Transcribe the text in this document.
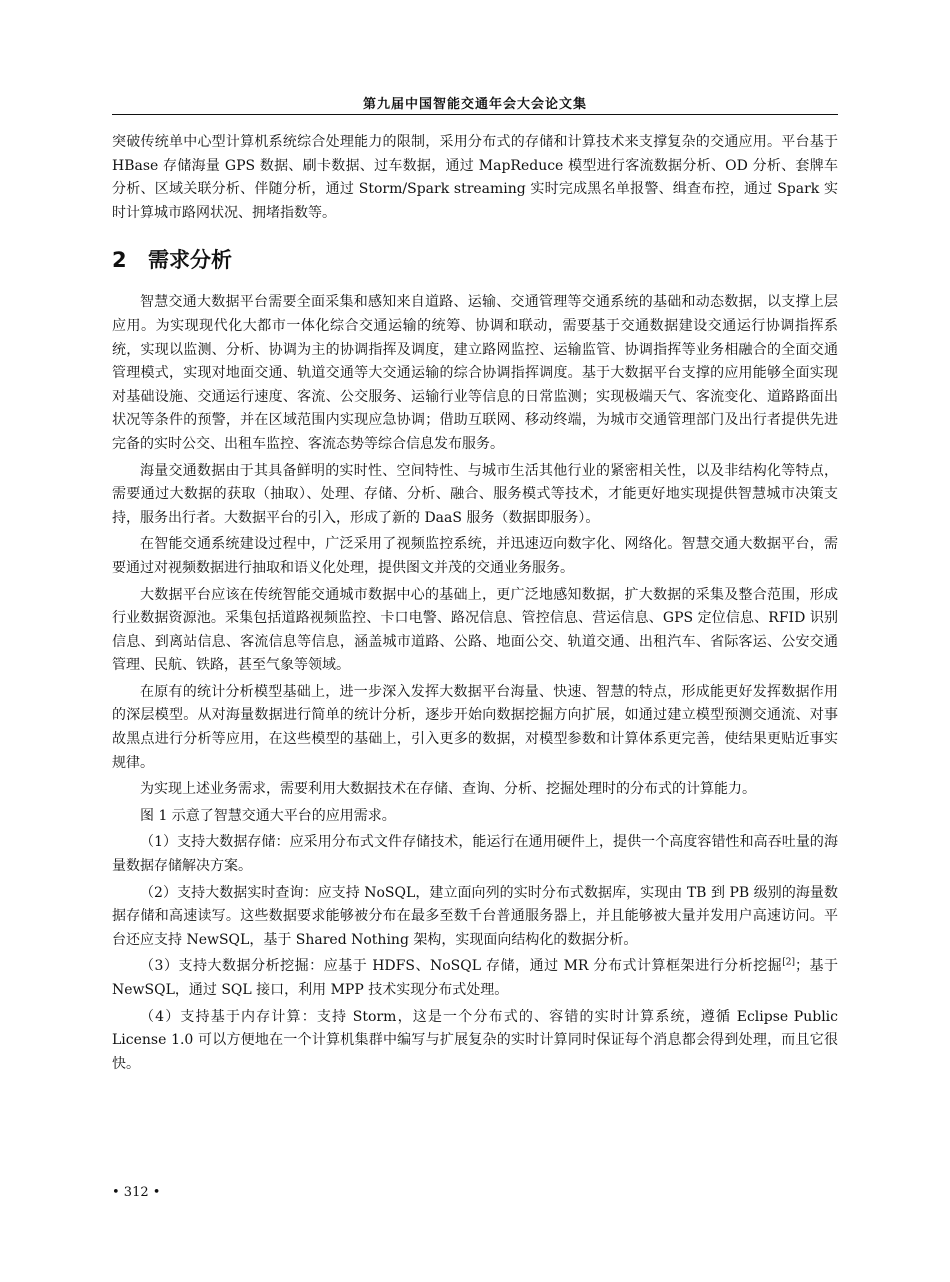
第九届中国智能交通年会大会论文集

突破传统单中心型计算机系统综合处理能力的限制，采用分布式的存储和计算技术来支撑复杂的交通应用。平台基于 HBase 存储海量 GPS 数据、刷卡数据、过车数据，通过 MapReduce 模型进行客流数据分析、OD 分析、套牌车分析、区域关联分析、伴随分析，通过 Storm/Spark streaming 实时完成黑名单报警、缉查布控，通过 Spark 实时计算城市路网状况、拥堵指数等。

2 需求分析

智慧交通大数据平台需要全面采集和感知来自道路、运输、交通管理等交通系统的基础和动态数据，以支撑上层应用。为实现现代化大都市一体化综合交通运输的统筹、协调和联动，需要基于交通数据建设交通运行协调指挥系统，实现以监测、分析、协调为主的协调指挥及调度，建立路网监控、运输监管、协调指挥等业务相融合的全面交通管理模式，实现对地面交通、轨道交通等大交通运输的综合协调指挥调度。基于大数据平台支撑的应用能够全面实现对基础设施、交通运行速度、客流、公交服务、运输行业等信息的日常监测；实现极端天气、客流变化、道路路面出状况等条件的预警，并在区域范围内实现应急协调；借助互联网、移动终端，为城市交通管理部门及出行者提供先进完备的实时公交、出租车监控、客流态势等综合信息发布服务。

海量交通数据由于其具备鲜明的实时性、空间特性、与城市生活其他行业的紧密相关性，以及非结构化等特点，需要通过大数据的获取（抽取）、处理、存储、分析、融合、服务模式等技术，才能更好地实现提供智慧城市决策支持，服务出行者。大数据平台的引入，形成了新的 DaaS 服务（数据即服务）。

在智能交通系统建设过程中，广泛采用了视频监控系统，并迅速迈向数字化、网络化。智慧交通大数据平台，需要通过对视频数据进行抽取和语义化处理，提供图文并茂的交通业务服务。

大数据平台应该在传统智能交通城市数据中心的基础上，更广泛地感知数据，扩大数据的采集及整合范围，形成行业数据资源池。采集包括道路视频监控、卡口电警、路况信息、管控信息、营运信息、GPS 定位信息、RFID 识别信息、到离站信息、客流信息等信息，涵盖城市道路、公路、地面公交、轨道交通、出租汽车、省际客运、公安交通管理、民航、铁路，甚至气象等领域。

在原有的统计分析模型基础上，进一步深入发挥大数据平台海量、快速、智慧的特点，形成能更好发挥数据作用的深层模型。从对海量数据进行简单的统计分析，逐步开始向数据挖掘方向扩展，如通过建立模型预测交通流、对事故黑点进行分析等应用，在这些模型的基础上，引入更多的数据，对模型参数和计算体系更完善，使结果更贴近事实规律。

为实现上述业务需求，需要利用大数据技术在存储、查询、分析、挖掘处理时的分布式的计算能力。

图 1 示意了智慧交通大平台的应用需求。

（1）支持大数据存储：应采用分布式文件存储技术，能运行在通用硬件上，提供一个高度容错性和高吞吐量的海量数据存储解决方案。

（2）支持大数据实时查询：应支持 NoSQL，建立面向列的实时分布式数据库，实现由 TB 到 PB 级别的海量数据存储和高速读写。这些数据要求能够被分布在最多至数千台普通服务器上，并且能够被大量并发用户高速访问。平台还应支持 NewSQL，基于 Shared Nothing 架构，实现面向结构化的数据分析。

（3）支持大数据分析挖掘：应基于 HDFS、NoSQL 存储，通过 MR 分布式计算框架进行分析挖掘[2]；基于 NewSQL，通过 SQL 接口，利用 MPP 技术实现分布式处理。

（4）支持基于内存计算：支持 Storm，这是一个分布式的、容错的实时计算系统，遵循 Eclipse Public License 1.0 可以方便地在一个计算机集群中编写与扩展复杂的实时计算同时保证每个消息都会得到处理，而且它很快。

• 312 •
